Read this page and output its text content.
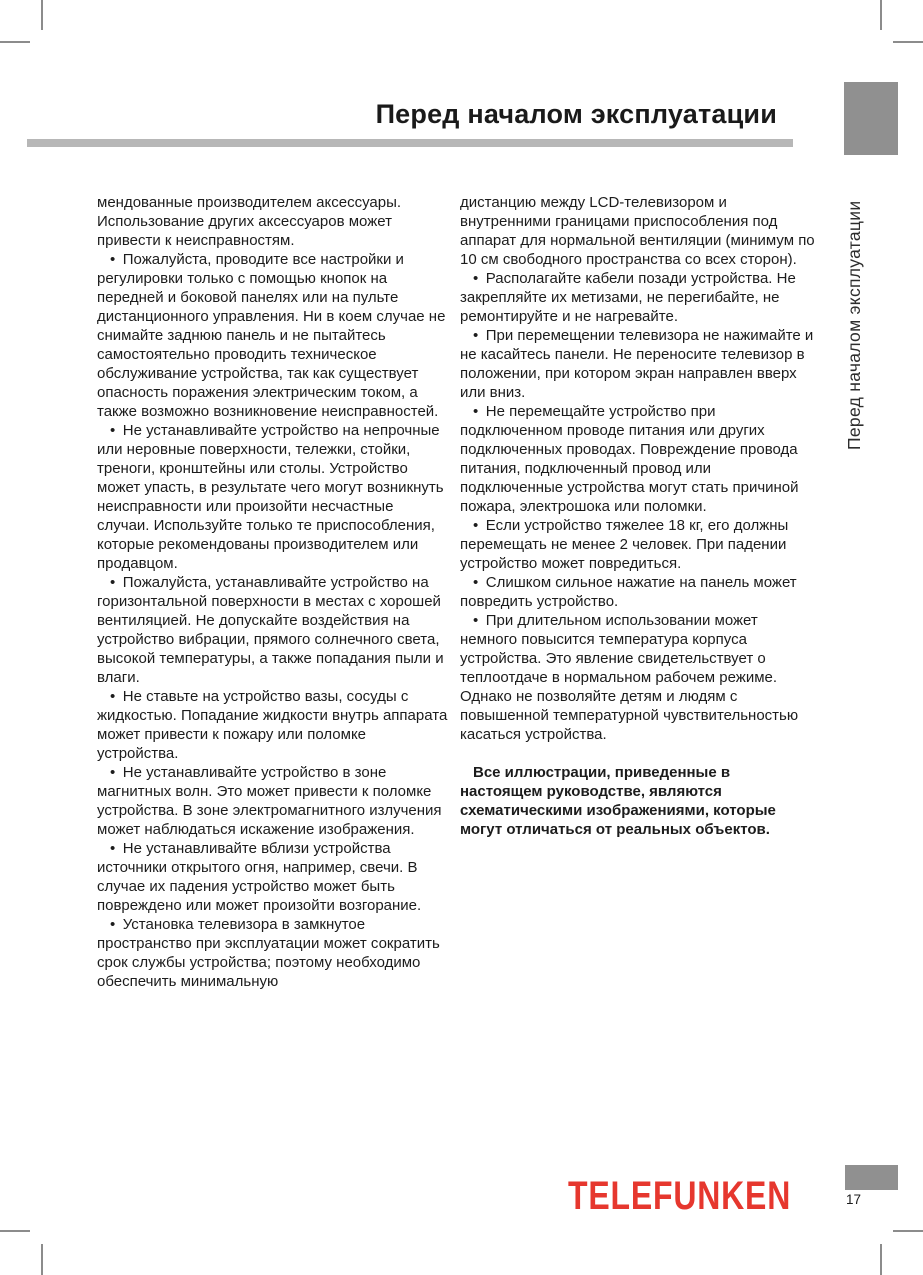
Перед началом эксплуатации
Перед началом эксплуатации

мендованные производителем аксессуары. Использование других аксессуаров может привести к неисправностям.

• Пожалуйста, проводите все настройки и регулировки только с помощью кнопок на передней и боковой панелях или на пульте дистанционного управления. Ни в коем случае не снимайте заднюю панель и не пытайтесь самостоятельно проводить техническое обслуживание устройства, так как существует опасность поражения электрическим током, а также возможно возникновение неисправностей.

• Не устанавливайте устройство на непрочные или неровные поверхности, тележки, стойки, треноги, кронштейны или столы. Устройство может упасть, в результате чего могут возникнуть неисправности или произойти несчастные случаи. Используйте только те приспособления, которые рекомендованы производителем или продавцом.

• Пожалуйста, устанавливайте устройство на горизонтальной поверхности в местах с хорошей вентиляцией. Не допускайте воздействия на устройство вибрации, прямого солнечного света, высокой температуры, а также попадания пыли и влаги.

• Не ставьте на устройство вазы, сосуды с жидкостью. Попадание жидкости внутрь аппарата может привести к пожару или поломке устройства.

• Не устанавливайте устройство в зоне магнитных волн. Это может привести к поломке устройства. В зоне электромагнитного излучения может наблюдаться искажение изображения.

• Не устанавливайте вблизи устройства источники открытого огня, например, свечи. В случае их падения устройство может быть повреждено или может произойти возгорание.

• Установка телевизора в замкнутое пространство при эксплуатации может сократить срок службы устройства; поэтому необходимо обеспечить минимальную

дистанцию между LCD-телевизором и внутренними границами приспособления под аппарат для нормальной вентиляции (минимум по 10 см свободного пространства со всех сторон).

• Располагайте кабели позади устройства. Не закрепляйте их метизами, не перегибайте, не ремонтируйте и не нагревайте.

• При перемещении телевизора не нажимайте и не касайтесь панели. Не переносите телевизор в положении, при котором экран направлен вверх или вниз.

• Не перемещайте устройство при подключенном проводе питания или других подключенных проводах. Повреждение провода питания, подключенный провод или подключенные устройства могут стать причиной пожара, электрошока или поломки.

• Если устройство тяжелее 18 кг, его должны перемещать не менее 2 человек. При падении устройство может повредиться.

• Слишком сильное нажатие на панель может повредить устройство.

• При длительном использовании может немного повысится температура корпуса устройства. Это явление свидетельствует о теплоотдаче в нормальном рабочем режиме. Однако не позволяйте детям и людям с повышенной температурной чувствительностью касаться устройства.

Все иллюстрации, приведенные в настоящем руководстве, являются схематическими изображениями, которые могут отличаться от реальных объектов.

TELEFUNKEN	17
